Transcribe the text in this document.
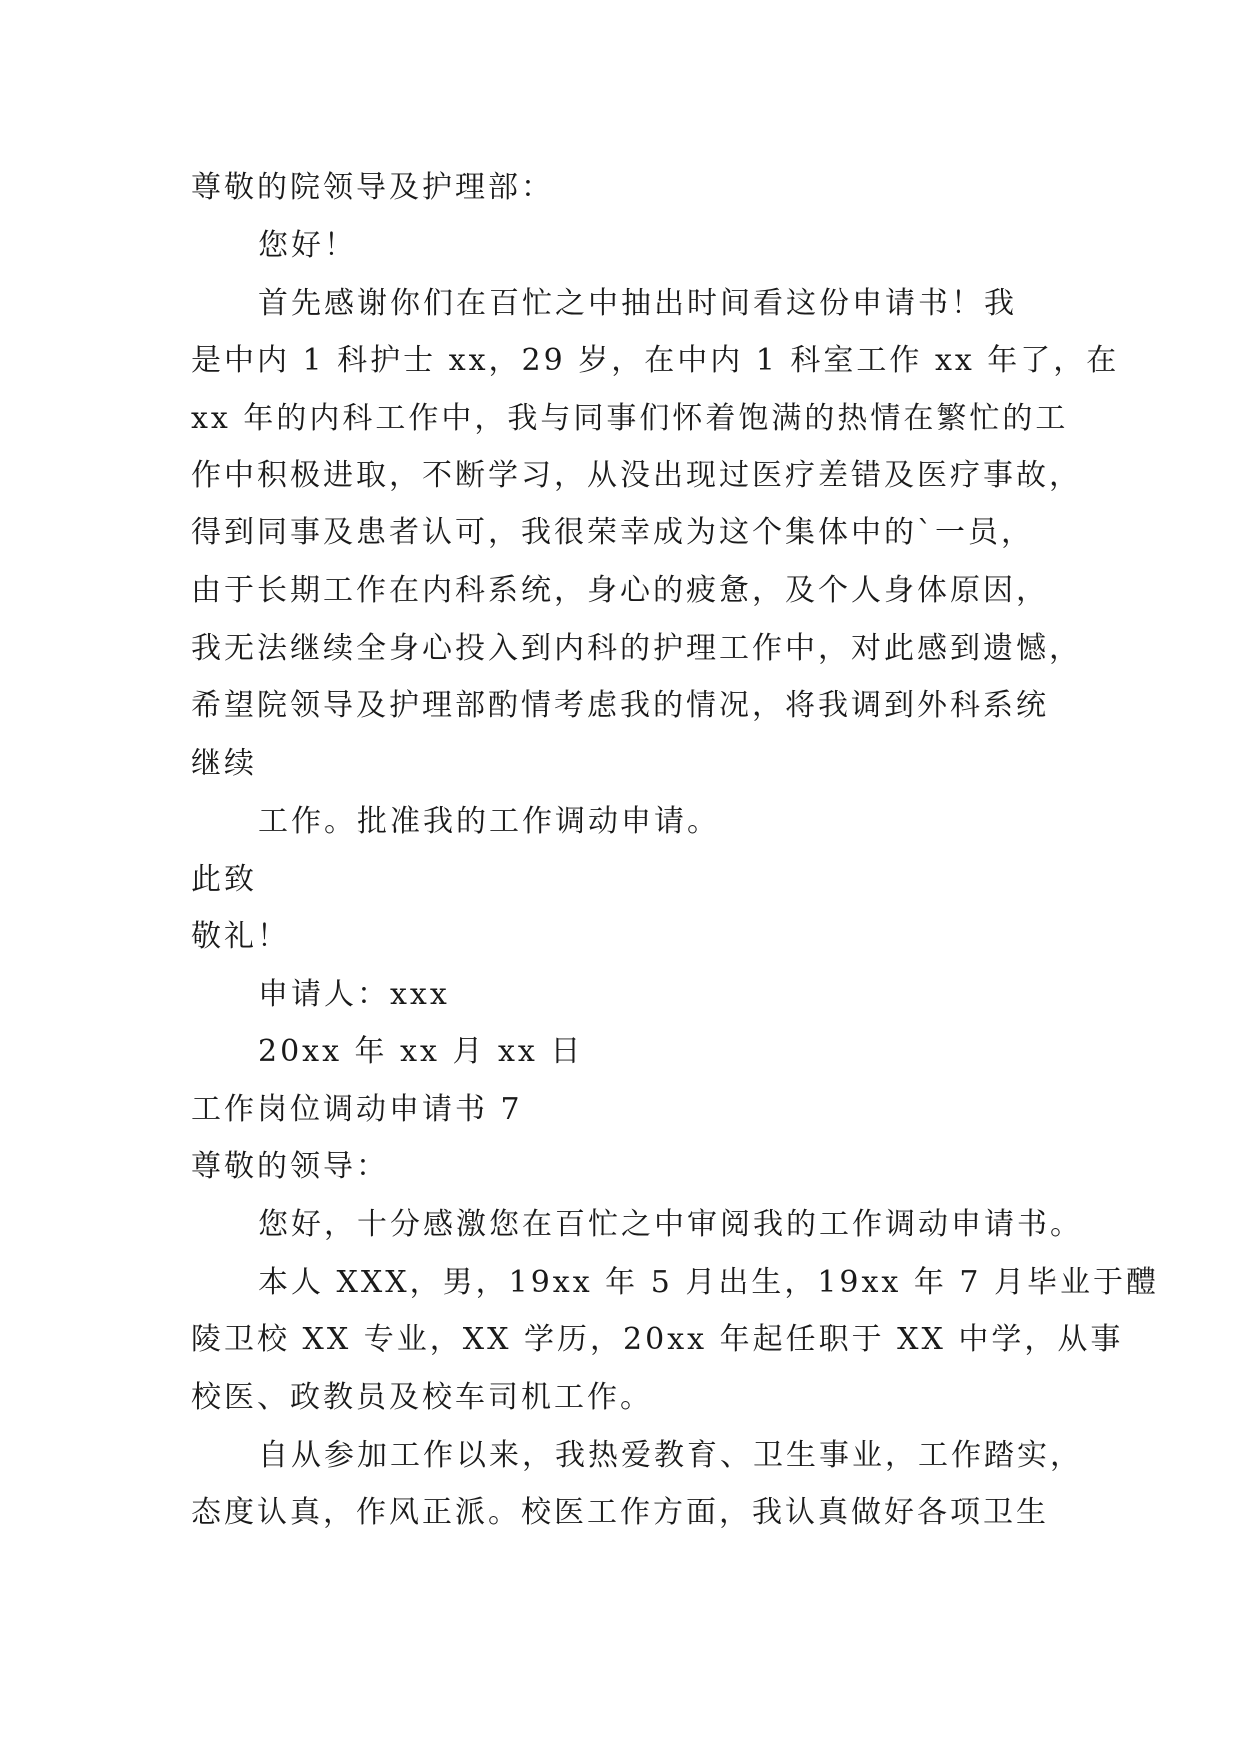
尊敬的院领导及护理部：
您好！
首先感谢你们在百忙之中抽出时间看这份申请书！我
是中内 1 科护士 xx，29 岁，在中内 1 科室工作 xx 年了，在
xx 年的内科工作中，我与同事们怀着饱满的热情在繁忙的工
作中积极进取，不断学习，从没出现过医疗差错及医疗事故，
得到同事及患者认可，我很荣幸成为这个集体中的`一员，
由于长期工作在内科系统，身心的疲惫，及个人身体原因，
我无法继续全身心投入到内科的护理工作中，对此感到遗憾，
希望院领导及护理部酌情考虑我的情况，将我调到外科系统
继续
工作。批准我的工作调动申请。
此致
敬礼！
申请人：xxx
20xx 年 xx 月 xx 日
工作岗位调动申请书 7
尊敬的领导：
您好，十分感激您在百忙之中审阅我的工作调动申请书。
本人 XXX，男，19xx 年 5 月出生，19xx 年 7 月毕业于醴
陵卫校 XX 专业，XX 学历，20xx 年起任职于 XX 中学，从事
校医、政教员及校车司机工作。
自从参加工作以来，我热爱教育、卫生事业，工作踏实，
态度认真，作风正派。校医工作方面，我认真做好各项卫生
